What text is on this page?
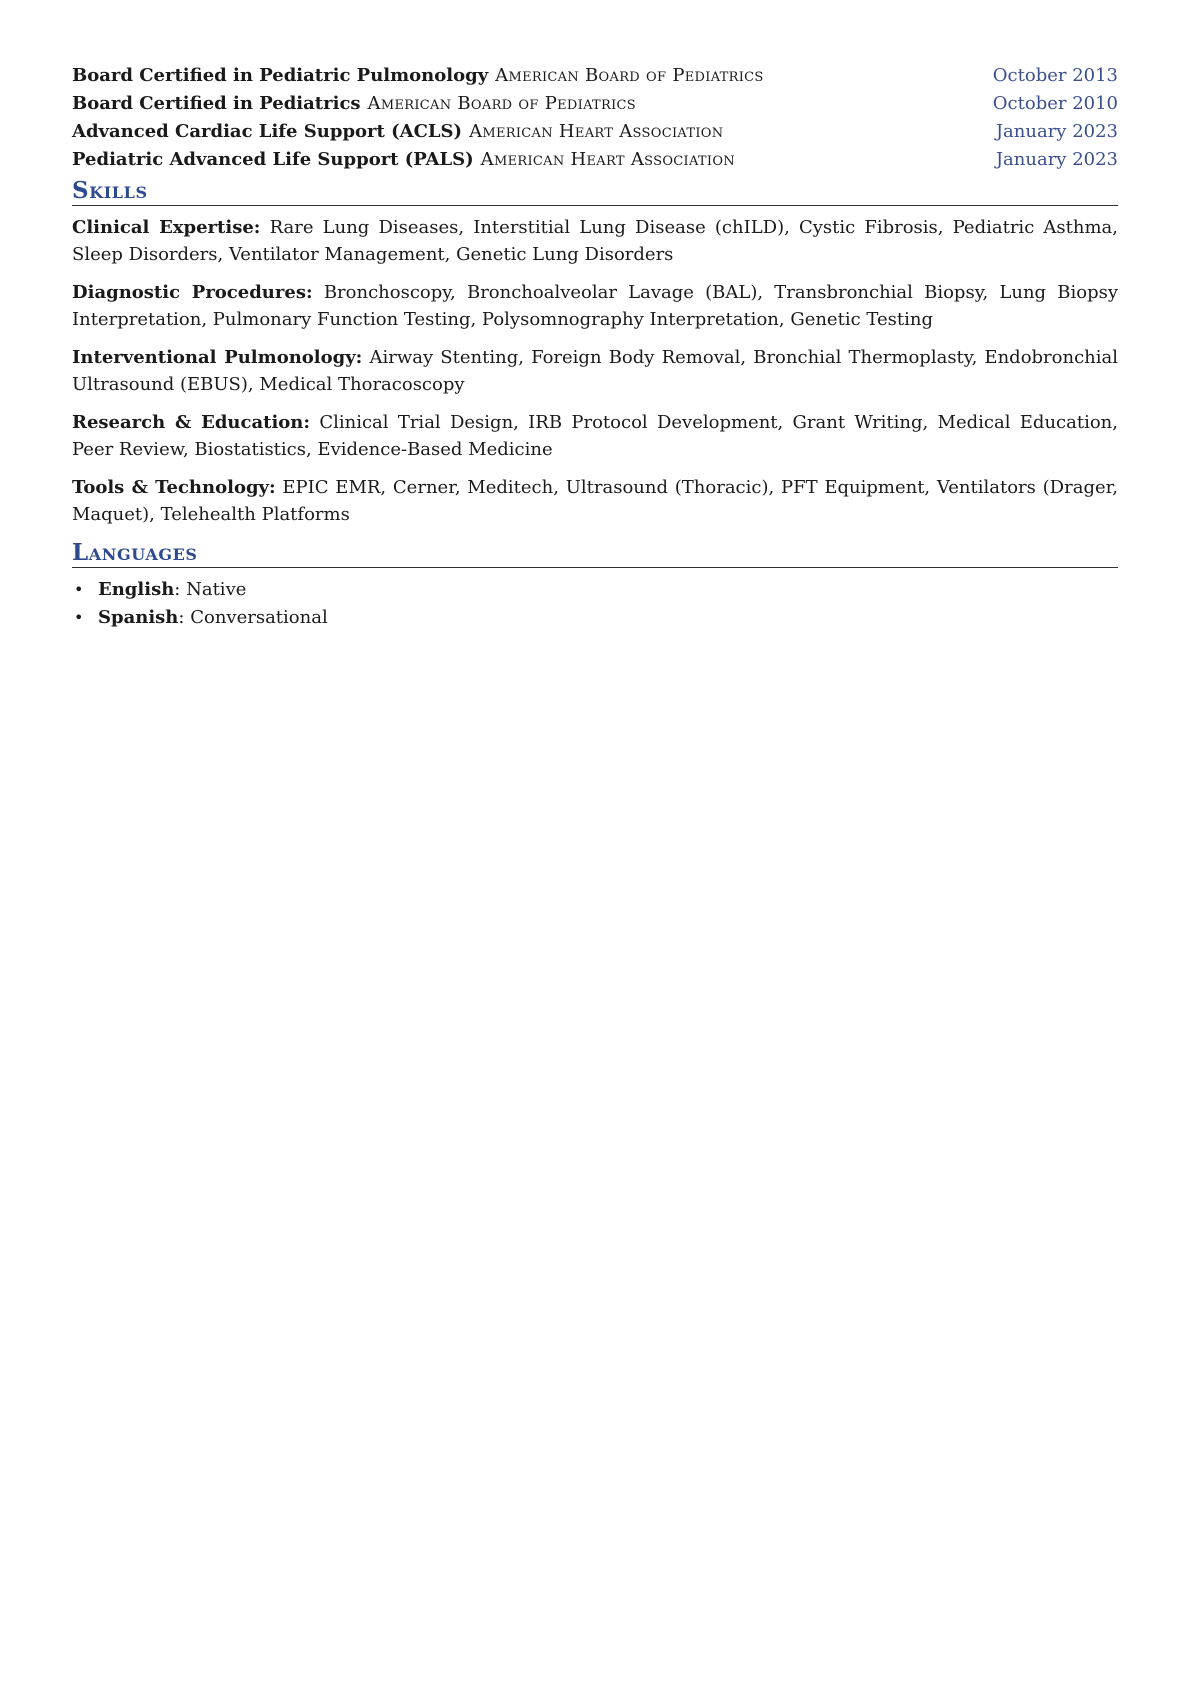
Board Certified in Pediatric Pulmonology American Board of Pediatrics	October 2013
Board Certified in Pediatrics American Board of Pediatrics	October 2010
Advanced Cardiac Life Support (ACLS) American Heart Association	January 2023
Pediatric Advanced Life Support (PALS) American Heart Association	January 2023
Skills

Clinical Expertise: Rare Lung Diseases, Interstitial Lung Disease (chILD), Cystic Fibrosis, Pediatric Asthma, Sleep Disorders, Ventilator Management, Genetic Lung Disorders

Diagnostic Procedures: Bronchoscopy, Bronchoalveolar Lavage (BAL), Transbronchial Biopsy, Lung Biopsy Interpretation, Pulmonary Function Testing, Polysomnography Interpretation, Genetic Testing

Interventional Pulmonology: Airway Stenting, Foreign Body Removal, Bronchial Thermoplasty, Endobronchial Ultrasound (EBUS), Medical Thoracoscopy

Research & Education: Clinical Trial Design, IRB Protocol Development, Grant Writing, Medical Education, Peer Review, Biostatistics, Evidence-Based Medicine

Tools & Technology: EPIC EMR, Cerner, Meditech, Ultrasound (Thoracic), PFT Equipment, Ventilators (Drager, Maquet), Telehealth Platforms

Languages
• English: Native
• Spanish: Conversational
